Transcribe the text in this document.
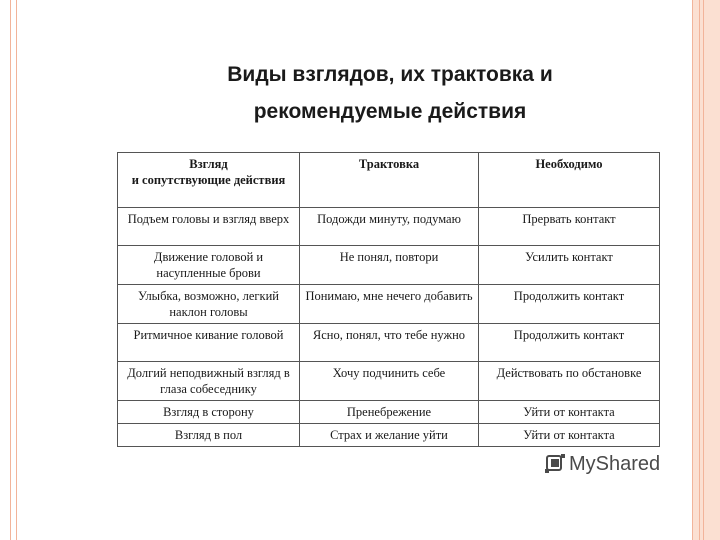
Виды взглядов, их трактовка и
рекомендуемые действия
Взгляд
и сопутствующие действия	Трактовка	Необходимо
Подъем головы и взгляд вверх	Подожди минуту, подумаю	Прервать контакт
Движение головой и насупленные брови	Не понял, повтори	Усилить контакт
Улыбка, возможно, легкий наклон головы	Понимаю, мне нечего добавить	Продолжить контакт
Ритмичное кивание головой	Ясно, понял, что тебе нужно	Продолжить контакт
Долгий неподвижный взгляд в глаза собеседнику	Хочу подчинить себе	Действовать по обстановке
Взгляд в сторону	Пренебрежение	Уйти от контакта
Взгляд в пол	Страх и желание уйти	Уйти от контакта
MyShared
